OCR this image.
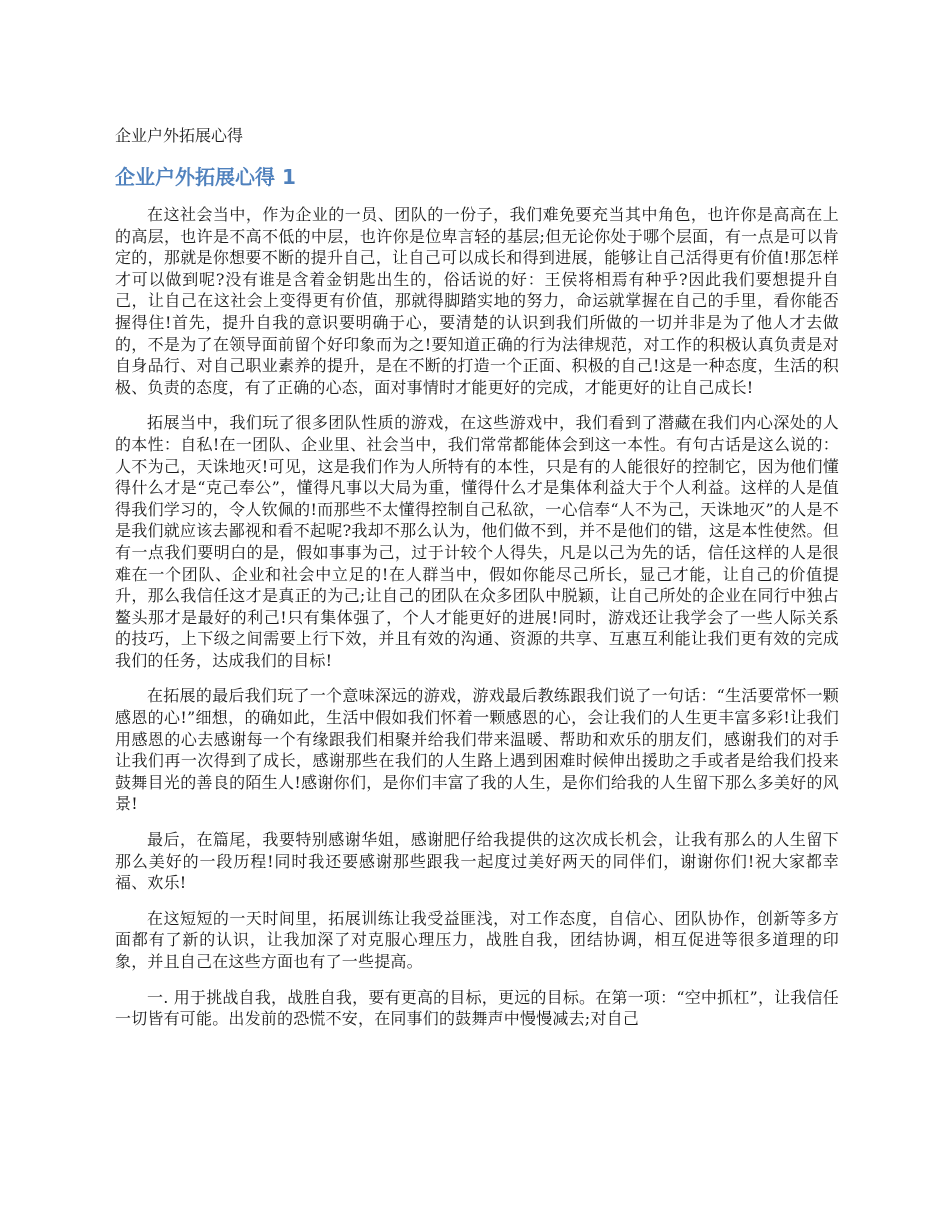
企业户外拓展心得
企业户外拓展心得 1

在这社会当中，作为企业的一员、团队的一份子，我们难免要充当其中角色，也许你是高高在上的高层，也许是不高不低的中层，也许你是位卑言轻的基层;但无论你处于哪个层面，有一点是可以肯定的，那就是你想要不断的提升自己，让自己可以成长和得到进展，能够让自己活得更有价值!那怎样才可以做到呢?没有谁是含着金钥匙出生的，俗话说的好：王侯将相焉有种乎?因此我们要想提升自己，让自己在这社会上变得更有价值，那就得脚踏实地的努力，命运就掌握在自己的手里，看你能否握得住!首先，提升自我的意识要明确于心，要清楚的认识到我们所做的一切并非是为了他人才去做的，不是为了在领导面前留个好印象而为之!要知道正确的行为法律规范，对工作的积极认真负责是对自身品行、对自己职业素养的提升，是在不断的打造一个正面、积极的自己!这是一种态度，生活的积极、负责的态度，有了正确的心态，面对事情时才能更好的完成，才能更好的让自己成长!

拓展当中，我们玩了很多团队性质的游戏，在这些游戏中，我们看到了潜藏在我们内心深处的人的本性：自私!在一团队、企业里、社会当中，我们常常都能体会到这一本性。有句古话是这么说的：人不为己，天诛地灭!可见，这是我们作为人所特有的本性，只是有的人能很好的控制它，因为他们懂得什么才是“克己奉公”，懂得凡事以大局为重，懂得什么才是集体利益大于个人利益。这样的人是值得我们学习的，令人钦佩的!而那些不太懂得控制自己私欲，一心信奉“人不为己，天诛地灭”的人是不是我们就应该去鄙视和看不起呢?我却不那么认为，他们做不到，并不是他们的错，这是本性使然。但有一点我们要明白的是，假如事事为己，过于计较个人得失，凡是以己为先的话，信任这样的人是很难在一个团队、企业和社会中立足的!在人群当中，假如你能尽己所长，显己才能，让自己的价值提升，那么我信任这才是真正的为己;让自己的团队在众多团队中脱颖，让自己所处的企业在同行中独占鳌头那才是最好的利己!只有集体强了，个人才能更好的进展!同时，游戏还让我学会了一些人际关系的技巧，上下级之间需要上行下效，并且有效的沟通、资源的共享、互惠互利能让我们更有效的完成我们的任务，达成我们的目标!

在拓展的最后我们玩了一个意味深远的游戏，游戏最后教练跟我们说了一句话：“生活要常怀一颗感恩的心!”细想，的确如此，生活中假如我们怀着一颗感恩的心，会让我们的人生更丰富多彩!让我们用感恩的心去感谢每一个有缘跟我们相聚并给我们带来温暖、帮助和欢乐的朋友们，感谢我们的对手让我们再一次得到了成长，感谢那些在我们的人生路上遇到困难时候伸出援助之手或者是给我们投来鼓舞目光的善良的陌生人!感谢你们，是你们丰富了我的人生，是你们给我的人生留下那么多美好的风景!

最后，在篇尾，我要特别感谢华姐，感谢肥仔给我提供的这次成长机会，让我有那么的人生留下那么美好的一段历程!同时我还要感谢那些跟我一起度过美好两天的同伴们，谢谢你们!祝大家都幸福、欢乐!

在这短短的一天时间里，拓展训练让我受益匪浅，对工作态度，自信心、团队协作，创新等多方面都有了新的认识，让我加深了对克服心理压力，战胜自我，团结协调，相互促进等很多道理的印象，并且自己在这些方面也有了一些提高。

一. 用于挑战自我，战胜自我，要有更高的目标，更远的目标。在第一项：“空中抓杠”，让我信任一切皆有可能。出发前的恐慌不安，在同事们的鼓舞声中慢慢减去;对自己
